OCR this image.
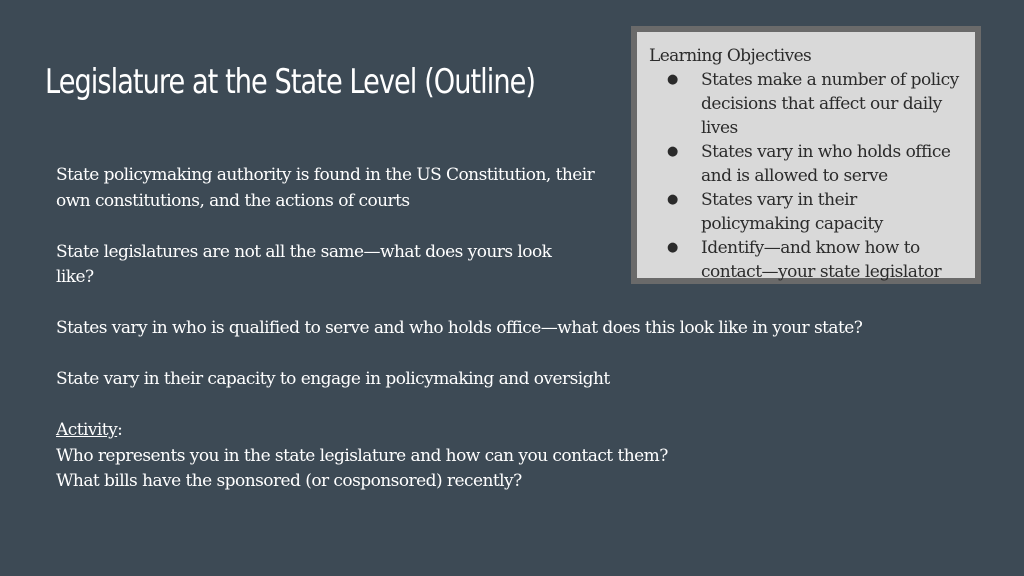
Legislature at the State Level (Outline)
Learning Objectives
● States make a number of policy decisions that affect our daily lives
● States vary in who holds office and is allowed to serve
● States vary in their policymaking capacity
● Identify—and know how to contact—your state legislator

State policymaking authority is found in the US Constitution, their own constitutions, and the actions of courts

State legislatures are not all the same—what does yours look like?

States vary in who is qualified to serve and who holds office—what does this look like in your state?

State vary in their capacity to engage in policymaking and oversight

Activity:
Who represents you in the state legislature and how can you contact them?
What bills have the sponsored (or cosponsored) recently?
